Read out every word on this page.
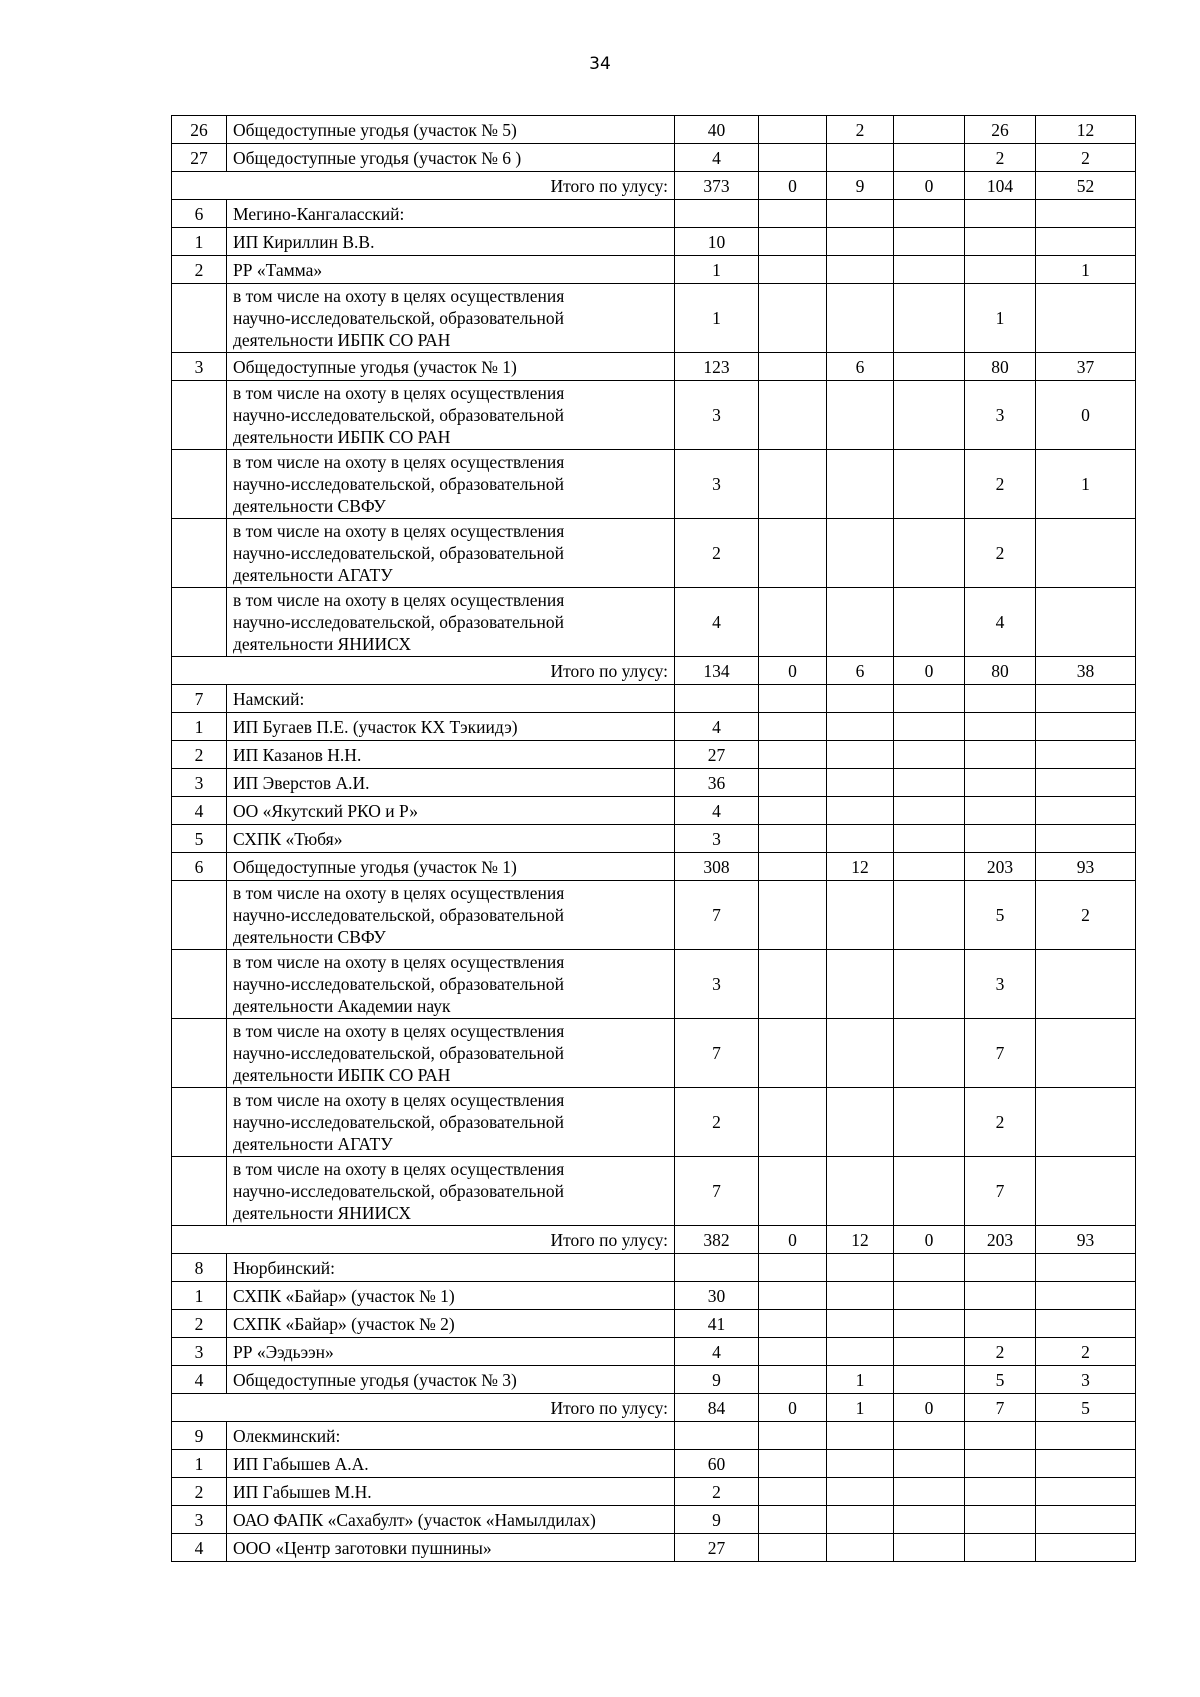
34
26	Общедоступные угодья (участок № 5)	40		2		26	12
27	Общедоступные угодья (участок № 6 )	4				2	2
Итого по улусу:		373	0	9	0	104	52
6	Мегино-Кангаласский:						
1	ИП Кириллин В.В.	10					
2	РР «Тамма»	1					1

	в том числе на охоту в целях осуществления
научно-исследовательской, образовательной
деятельности ИБПК СО РАН	1				1	
3	Общедоступные угодья (участок № 1)	123		6		80	37

	в том числе на охоту в целях осуществления
научно-исследовательской, образовательной
деятельности ИБПК СО РАН	3				3	0

	в том числе на охоту в целях осуществления
научно-исследовательской, образовательной
деятельности СВФУ	3				2	1

	в том числе на охоту в целях осуществления
научно-исследовательской, образовательной
деятельности АГАТУ	2				2	

	в том числе на охоту в целях осуществления
научно-исследовательской, образовательной
деятельности ЯНИИСХ	4				4	
Итого по улусу:		134	0	6	0	80	38
7	Намский:						
1	ИП Бугаев П.Е. (участок КХ Тэкиидэ)	4					
2	ИП Казанов Н.Н.	27					
3	ИП Эверстов А.И.	36					
4	ОО «Якутский РКО и Р»	4					
5	СХПК «Тюбя»	3					
6	Общедоступные угодья (участок № 1)	308		12		203	93

	в том числе на охоту в целях осуществления
научно-исследовательской, образовательной
деятельности СВФУ	7				5	2

	в том числе на охоту в целях осуществления
научно-исследовательской, образовательной
деятельности Академии наук	3				3	

	в том числе на охоту в целях осуществления
научно-исследовательской, образовательной
деятельности ИБПК СО РАН	7				7	

	в том числе на охоту в целях осуществления
научно-исследовательской, образовательной
деятельности АГАТУ	2				2	

	в том числе на охоту в целях осуществления
научно-исследовательской, образовательной
деятельности ЯНИИСХ	7				7	
Итого по улусу:		382	0	12	0	203	93
8	Нюрбинский:						
1	СХПК «Байар» (участок № 1)	30					
2	СХПК «Байар» (участок № 2)	41					
3	РР «Ээдьээн»	4				2	2
4	Общедоступные угодья (участок № 3)	9		1		5	3
Итого по улусу:		84	0	1	0	7	5
9	Олекминский:						
1	ИП Габышев А.А.	60					
2	ИП Габышев М.Н.	2					
3	ОАО ФАПК «Сахабулт» (участок «Намылдилах)	9					
4	ООО «Центр заготовки пушнины»	27					
